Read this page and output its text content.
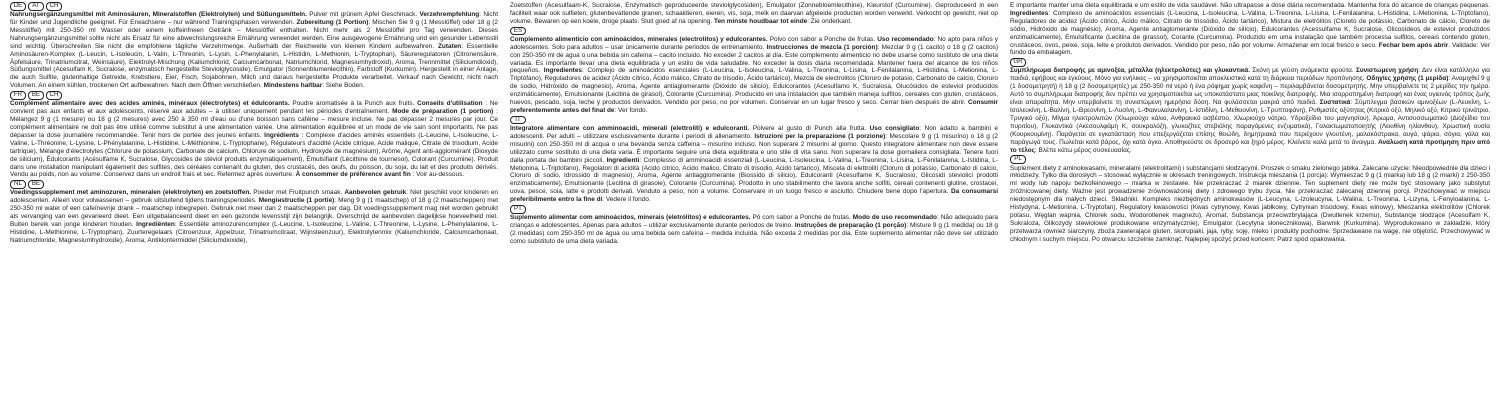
DE	AT	CH

Nahrungsergänzungsmittel mit Aminosäuren, Mineralstoffen (Elektrolyten) und Süßungsmitteln. Pulver mit grünem Apfel Geschmack. Verzehrempfehlung: Nicht für Kinder und Jugendliche geeignet. Für Erwachsene – nur während Trainingsphasen verwenden. Zubereitung (1 Portion): Mischen Sie 9 g (1 Messlöffel) oder 18 g (2 Messlöffel) mit 250-350 ml Wasser oder einem koffeinfreien Getränk – Messlöffel enthalten. Nicht mehr als 2 Messlöffel pro Tag verwenden. Dieses Nahrungsergänzungsmittel sollte nicht als Ersatz für eine abwechslungsreiche Ernährung verwendet werden. Eine ausgewogene Ernährung und ein gesunder Lebensstil sind wichtig. Überschreiten Sie nicht die empfohlene tägliche Verzehrmenge. Außerhalb der Reichweite von kleinen Kindern aufbewahren. Zutaten: Essentielle Aminosäuren-Komplex (L-Leucin, L-Isoleucin, L-Valin, L-Threonin, L-Lysin, L-Phenylalanin, L-Histidin, L-Methionin, L-Tryptophan), Säureregulatoren (Citronensäure, Äpfelsäure, Trinatriumcitrat, Weinsäure), Elektrolyt-Mischung (Kaliumchlorid, Calciumcarbonat, Natriumchlorid, Magnesiumhydroxid), Aroma, Trennmittel (Siliciumdioxid), Süßungsmittel (Acesulfam K, Sucralose, enzymatisch hergestellte Steviolglycoside), Emulgator (Sonnenblumenlecithin), Farbstoff (Kurkumin). Hergestellt in einer Anlage, die auch Sulfite, glutenhaltige Getreide, Krebstiere, Eier, Fisch, Sojabohnen, Milch und daraus hergestellte Produkte verarbeitet. Verkauf nach Gewicht, nicht nach Volumen. An einem kühlen, trockenen Ort aufbewahren. Nach dem Öffnen verschließen. Mindestens haltbar: Siehe Boden.
FR	BE	CH

Complément alimentaire avec des acides aminés, minéraux (électrolytes) et édulcorants. Poudre aromatisée à la Punch aux fruits. Conseils d'utilisation : Ne convient pas aux enfants et aux adolescents, réservé aux adultes – à utiliser uniquement pendant les périodes d'entraînement. Mode de préparation (1 portion) : Mélangez 9 g (1 mesure) ou 18 g (2 mesures) avec 250 à 350 ml d'eau ou d'une boisson sans caféine – mesure incluse. Ne pas dépasser 2 mesures par jour. Ce complément alimentaire ne doit pas être utilisé comme substitut à une alimentation variée. Une alimentation équilibrée et un mode de vie sain sont importants. Ne pas dépasser la dose journalière recommandée. Tenir hors de portée des jeunes enfants. Ingrédients : Complexe d'acides aminés essentiels (L-Leucine, L-Isoleucine, L-Valine, L-Thréonine, L-Lysine, L-Phénylalanine, L-Histidine, L-Méthionine, L-Tryptophane), Régulateurs d'acidité (Acide citrique, Acide malique, Citrate de trisodium, Acide tartrique), Mélange d'électrolytes (Chlorure de potassium, Carbonate de calcium, Chlorure de sodium, Hydroxyde de magnésium), Arôme, Agent anti-agglomérant (Dioxyde de silicium), Édulcorants (Acésulfame K, Sucralose, Glycosides de stéviol produits enzymatiquement), Émulsifiant (Lécithine de tournesol), Colorant (Curcumine). Produit dans une installation manipulant également des sulfites, des céréales contenant du gluten, des crustacés, des œufs, du poisson, du soja, du lait et des produits dérivés. Vendu au poids, non au volume. Conservez dans un endroit frais et sec. Refermez après ouverture. À consommer de préférence avant fin : Voir au-dessous.
NL	BE

Voedingssupplement met aminozuren, mineralen (elektrolyten) en zoetstoffen. Poeder met Fruitpunch smaak. Aanbevolen gebruik: Niet geschikt voor kinderen en adolescenten. Alleen voor volwassenen – gebruik uitsluitend tijdens trainingsperiodes. Mengінstructie (1 portie): Meng 9 g (1 maatschep) of 18 g (2 maatscheppen) met 250-350 ml water of een cafeïnevrije drank – maatschep inbegrepen. Gebruik niet meer dan 2 maatscheppen per dag. Dit voedingssupplement mag niet worden gebruikt als vervanging van een gevarieerd dieet. Een uitgebalanceerd dieet en een gezonde levensstijl zijn belangrijk. Overschrijd de aanbevolen dagelijkse hoeveelheid niet. Buiten bereik van jonge kinderen houden. Ingrediënten: Essentiële aminozurencomplex (L-Leucine, L-Isoleucine, L-Valine, L-Threonine, L-Lysine, L-Phenylalanine, L-Histidine, L-Methionine, L-Tryptophan), Zuurteregelaars (Citroenzuur, Appelzuur, Trinatriumcitraat, Wijnsteenzuur), Elektrolytenmix (Kaliumchloride, Calciumcarbonaat, Natriumchloride, Magnesiumhydroxide), Aroma, Antiklontermiddel (Siliciumdioxide),
Zoetstoffen (Acesulfaam-K, Sucralose, Enzymatisch geproduceerde steviolglycosiden), Emulgator (Zonnebloemlecithine), Kleurstof (Curcumine). Geproduceerd in een faciliteit waar ook sulfieten, glutenbevattende granen, schaaldieren, eieren, vis, soja, melk en daarvan afgeleide producten worden verwerkt. Verkocht op gewicht, niet op volume. Bewaren op een koele, droge plaats. Sluit goed af na opening. Ten minste houdbaar tot einde: Zie onderkant.
ES

Complemento alimenticio con aminoácidos, minerales (electrolitos) y edulcorantes. Polvo con sabor a Ponche de frutas. Uso recomendado: No apto para niños y adolescentes. Solo para adultos – usar únicamente durante periodos de entrenamiento. Instrucciones de mezcla (1 porción): Mezclar 9 g (1 cacito) o 18 g (2 cacitos) con 250-350 ml de agua o una bebida sin cafeína – cacito incluido. No exceder 2 cacitos al día. Este complemento alimenticio no debe usarse como sustituto de una dieta variada. Es importante llevar una dieta equilibrada y un estilo de vida saludable. No exceder la dosis diaria recomendada. Mantener fuera del alcance de los niños pequeños. Ingredientes: Complejo de aminoácidos esenciales (L-Leucina, L-Isoleucina, L-Valina, L-Treonina, L-Lisina, L-Fenilalanina, L-Histidina, L-Metionina, L-Triptófano), Reguladores de acidez (Ácido cítrico, Ácido málico, Citrato de trisodio, Ácido tartárico), Mezcla de electrolitos (Cloruro de potasio, Carbonato de calcio, Cloruro de sodio, Hidróxido de magnesio), Aroma, Agente antiaglomerante (Dióxido de silicio), Edulcorantes (Acesulfamo K, Sucralosa, Glucósidos de esteviol producidos enzimáticamente), Emulsionante (Lecitina de girasol), Colorante (Curcumina). Producido en una instalación que también maneja sulfitos, cereales con gluten, crustáceos, huevos, pescado, soja, leche y productos derivados. Vendido por peso, no por volumen. Conservar en un lugar fresco y seco. Cerrar bien después de abrir. Consumir preferentemente antes del final de: Ver fondo.
IT

Integratore alimentare con amminoacidi, minerali (elettroliti) e edulcoranti. Polvere al gusto di Punch alla frutta. Uso consigliato: Non adatto a bambini e adolescenti. Per adulti – utilizzare esclusivamente durante i periodi di allenamento. Istruzioni per la preparazione (1 porzione): Mescolare 9 g (1 misurino) o 18 g (2 misurini) con 250-350 ml di acqua o una bevanda senza caffeina – misurino incluso. Non superare 2 misurini al giorno. Questo integratore alimentare non deve essere utilizzato come sostituto di una dieta varia. È importante seguire una dieta equilibrata e uno stile di vita sano. Non superare la dose giornaliera consigliata. Tenere fuori dalla portata dei bambini piccoli. Ingredienti: Complesso di amminoacidi essenziali (L-Leucina, L-Isoleucina, L-Valina, L-Treonina, L-Lisina, L-Fenilalanina, L-Istidina, L-Metionina, L-Triptofano), Regolatori di acidità (Acido citrico, Acido malico, Citrato di trisodio, Acido tartarico), Miscela di elettroliti (Cloruro di potassio, Carbonato di calcio, Cloruro di sodio, Idrossido di magnesio), Aroma, Agente antiagglomerante (Biossido di silicio), Edulcoranti (Acesulfame K, Sucralosio, Glicosidi steviolici prodotti enzimaticamente), Emulsionante (Lecitina di girasole), Colorante (Curcumina). Prodotto in uno stabilimento che lavora anche solfiti, cereali contenenti glutine, crostacei, uova, pesce, soia, latte e prodotti derivati. Venduto a peso, non a volume. Conservare in un luogo fresco e asciutto. Chiudere bene dopo l'apertura. Da consumarsi preferibilmente entro la fine di: Vedere il fondo.
PT

Suplemento alimentar com aminoácidos, minerais (eletrólitos) e edulcorantes. Pó com sabor a Ponche de frutas. Modo de uso recomendado: Não adequado para crianças e adolescentes. Apenas para adultos – utilizar exclusivamente durante períodos de treino. Instruções de preparação (1 porção): Misture 9 g (1 medida) ou 18 g (2 medidas) com 250-350 ml de água ou uma bebida sem cafeína – medida incluída. Não exceda 2 medidas por dia. Este suplemento alimentar não deve ser utilizado como substituto de uma dieta variada.
É importante manter uma dieta equilibrada e um estilo de vida saudável. Não ultrapasse a dose diária recomendada. Mantenha fora do alcance de crianças pequenas. Ingredientes: Complexo de aminoácidos essenciais (L-Leucina, L-Isoleucina, L-Valina, L-Treonina, L-Lisina, L-Fenilalanina, L-Histidina, L-Metionina, L-Triptofano), Reguladores de acidez (Ácido cítrico, Ácido málico, Citrato de trissódio, Ácido tartárico), Mistura de eletrólitos (Cloreto de potássio, Carbonato de cálcio, Cloreto de sódio, Hidróxido de magnésio), Aroma, Agente antiaglomerante (Dióxido de silício), Edulcorantes (Acessulfame K, Sucralose, Glicosídeos de esteviol produzidos enzimaticamente), Emulsificante (Lecitina de girassol), Corante (Curcumina). Produzido em uma instalação que também processa sulfitos, cereais contendo glúten, crustáceos, ovos, peixe, soja, leite e produtos derivados. Vendido por peso, não por volume. Armazenar em local fresco e seco. Fechar bem após abrir. Validade: Ver fundo da embalagem.
GR

Συμπλήρωμα διατροφής με αμινοξέα, μέταλλα (ηλεκτρολύτες) και γλυκαντικά. Σκόνη με γεύση ανάμεικτα φρούτα. Συνιστώμενη χρήση: Δεν είναι κατάλληλο για παιδιά, εφήβους και εγκύους. Μόνο για ενήλικες – να χρησιμοποιείται αποκλειστικά κατά τη διάρκεια περιόδων προπόνησης. Οδηγίες χρήσης (1 μερίδα): Αναμιχθεί 9 g (1 δοσομετρητή) ή 18 g (2 δοσομετρητές) με 250-350 ml νερό ή ένα ρόφημα χωρίς καφεΐνη – περιλαμβάνεται δοσομετρητής. Μην υπερβαίνετε τις 2 μερίδες την ημέρα. Αυτό το συμπλήρωμα διατροφής δεν πρέπει να χρησιμοποιείται ως υποκατάστατο μιας ποικίλης διατροφής. Μια ισορροπημένη διατροφή και ένας υγιεινός τρόπος ζωής είναι απαραίτητα. Μην υπερβαίνετε τη συνιστώμενη ημερήσια δόση. Να φυλάσσεται μακριά από παιδιά. Συστατικά: Σύμπλεγμα βασικών αμινοξέων (L-Λευκίνη, L-Ισολευκίνη, L-Βαλίνη, L-Θρεονίνη, L-Λυσίνη, L-Φαινυλαλανίνη, L-Ιστιδίνη, L-Μεθειονίνη, L-Τρυπτοφάνη), Ρυθμιστές οξύτητας (Κιτρικό οξύ, Μηλικό οξύ, Κιτρικό τρινάτριο, Τρυγικό οξύ), Μίγμα ηλεκτρολυτών (Χλωριούχο κάλιο, Ανθρακικό ασβέστιο, Χλωριούχο νάτριο, Υδροξείδιο του μαγνησίου), Άρωμα, Αντισυσσωματικό (Διοξείδιο του πυριτίου), Γλυκαντικά (Ακεσουλφάμη Κ, σουκραλόζη, γλυκοζίτες στεβιόλης παραγόμενες ενζυματικά), Γαλακτωματοποιητής (Λεκιθίνη ηλίανθου), Χρωστική ουσία (Κουρκουμίνη). Παράγεται σε εγκατάσταση που επεξεργάζεται επίσης θειώδη, δημητριακά που περιέχουν γλουτένη, μαλακόστρακα, αυγά, ψάρια, σόγια, γάλα και παράγωγά τους. Πωλείται κατά βάρος, όχι κατά όγκο. Αποθηκεύστε σε δροσερό και ξηρό μέρος. Κλείνετε καλά μετά το άνοιγμα. Ανάλωση κατά προτίμηση πριν από το τέλος: Βλέπε κάτω μέρος συσκευασίας.
PL

Suplement diety z aminokwasami, minerałami (elektrolitami) i substancjami słodzącymi. Proszek o smaku zielonego jabłka. Zalecane użycie: Nieodpowiednie dla dzieci i młodzieży. Tylko dla dorosłych – stosować wyłącznie w okresach treningowych. Instrukcja mieszania (1 porcja): Wymieszać 9 g (1 miarka) lub 18 g (2 miarki) z 250-350 ml wody lub napoju bezkofeinowego – miarka w zestawie. Nie przekraczać 2 miarek dziennie. Ten suplement diety nie może być stosowany jako substytut zróżnicowanej diety. Ważne jest prowadzenie zrównoważonej diety i zdrowego trybu życia. Nie przekraczać zalecanej dziennej porcji. Przechowywać w miejscu niedostępnym dla małych dzieci. Składniki: Kompleks niezbędnych aminokwasów (L-Leucyna, L-Izoleucyna, L-Walina, L-Treonina, L-Lizyna, L-Fenyloalanina, L-Histydyna, L-Metionina, L-Tryptofan), Regulatory kwasowości (Kwas cytrynowy, Kwas jabłkowy, Cytrynian trisodowy, Kwas winowy), Mieszanka elektrolitów (Chlorek potasu, Węglan wapnia, Chlorek sodu, Wodorotlenek magnezu), Aromat, Substancja przeciwzbrylająca (Dwutlenek krzemu), Substancje słodzące (Acesulfam K, Sukraloza, Glikozydy stewiolowe produkowane enzymatycznie), Emulgator (Lecytyna słonecznikowa), Barwnik (Kurkumina). Wyprodukowano w zakładzie, który przetwarza również siarczyny, zboża zawierające gluten, skorupiaki, jaja, ryby, soję, mleko i produkty pochodne. Sprzedawane na wagę, nie objętość. Przechowywać w chłodnym i suchym miejscu. Po otwarciu szczelnie zamknąć. Najlepiej spożyć przed końcem: Patrz spód opakowania.
